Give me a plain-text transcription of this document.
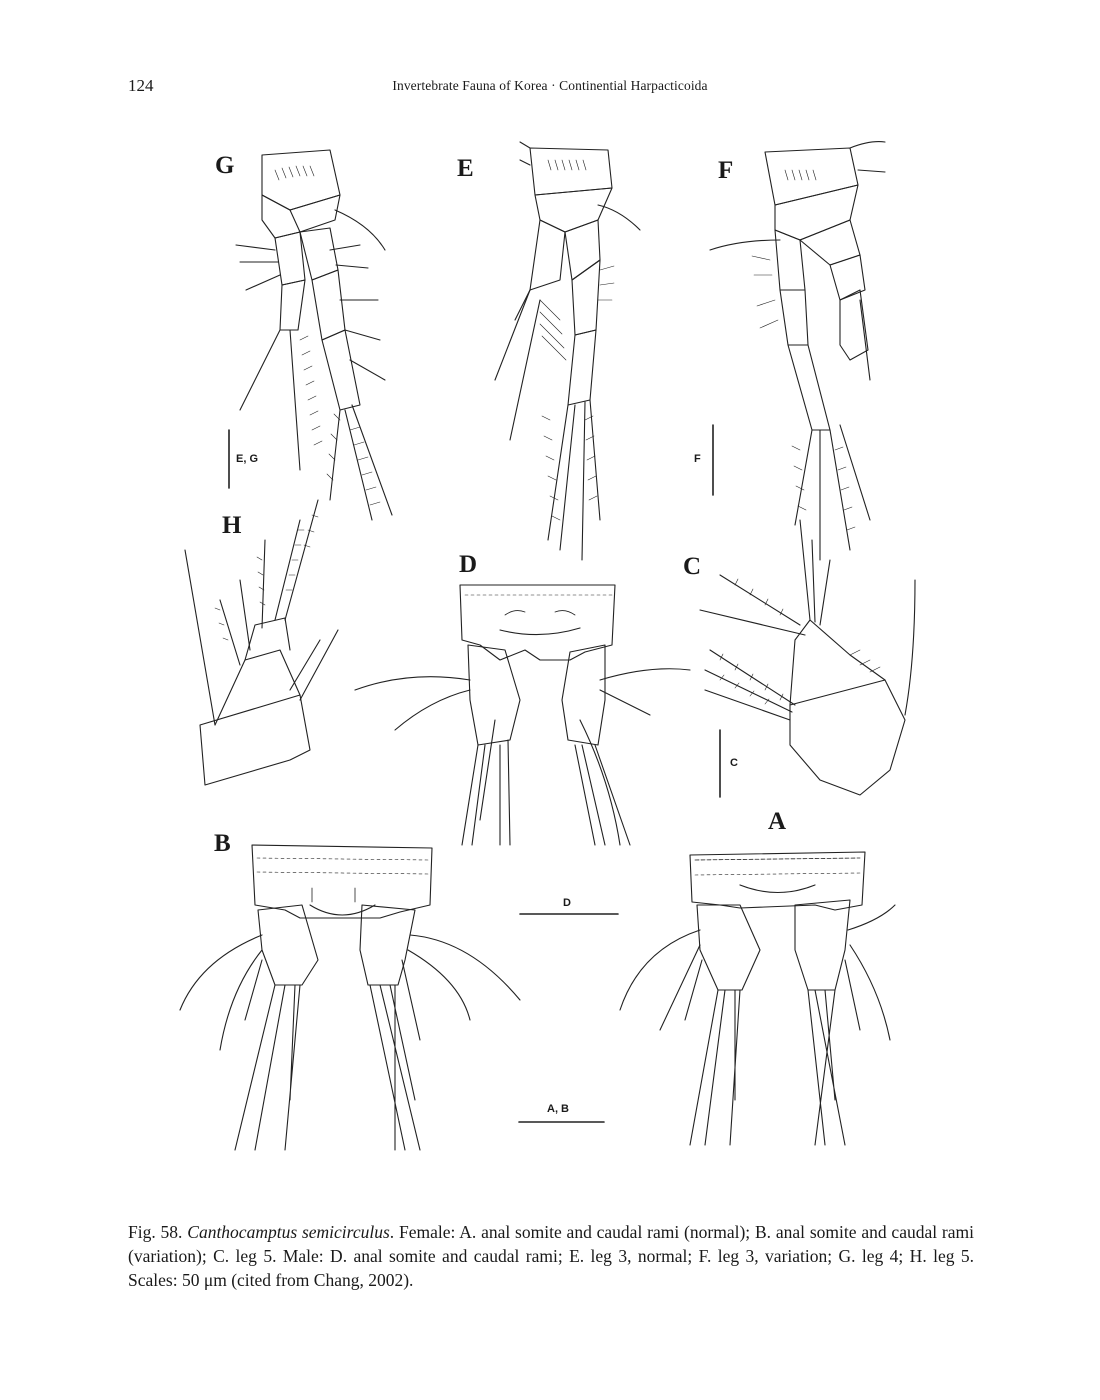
124	Invertebrate Fauna of Korea · Continential Harpacticoida
G	E	F
H
D	C
A
B
E, G	F
C
D
A, B

Fig. 58. Canthocamptus semicirculus. Female: A. anal somite and caudal rami (normal); B. anal somite and caudal rami (variation); C. leg 5. Male: D. anal somite and caudal rami; E. leg 3, normal; F. leg 3, variation; G. leg 4; H. leg 5. Scales: 50 μm (cited from Chang, 2002).
